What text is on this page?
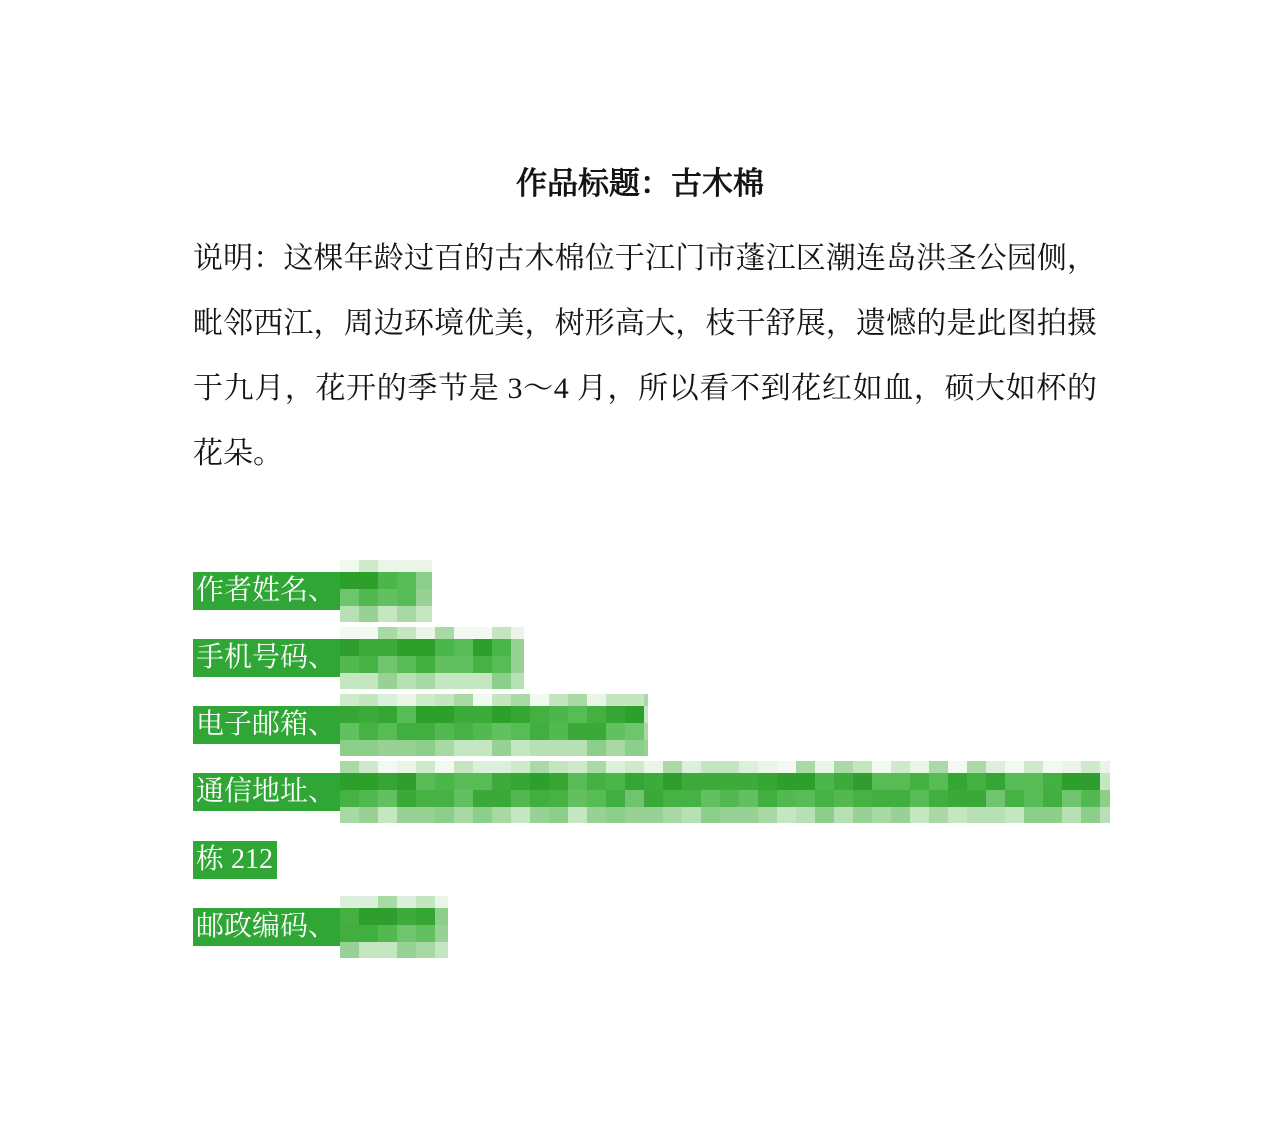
作品标题：古木棉
说明：这棵年龄过百的古木棉位于江门市蓬江区潮连岛洪圣公园侧，
毗邻西江，周边环境优美，树形高大，枝干舒展，遗憾的是此图拍摄
于九月，花开的季节是 3～4 月，所以看不到花红如血，硕大如杯的
花朵。
作者姓名、
手机号码、
电子邮箱、
通信地址、
栋 212
邮政编码、
